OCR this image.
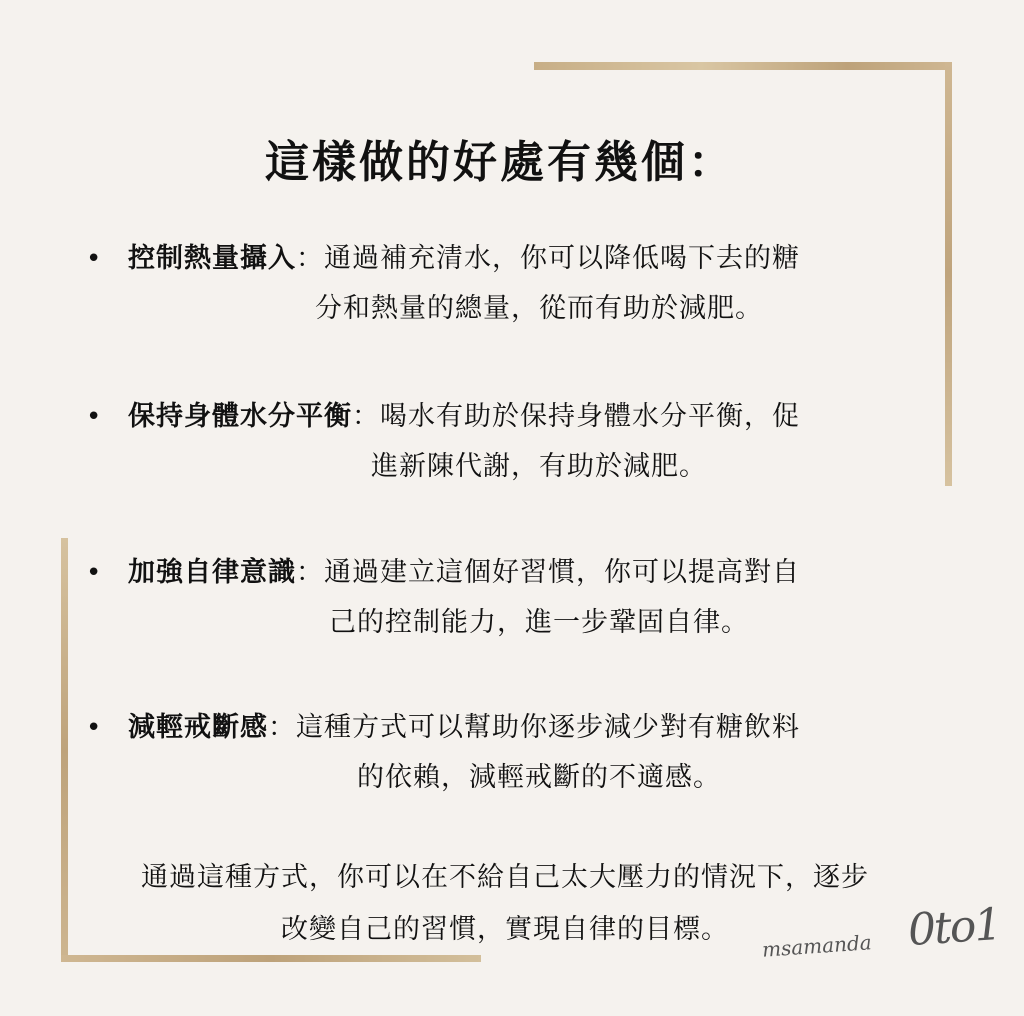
這樣做的好處有幾個：
• 控制熱量攝入：通過補充清水，你可以降低喝下去的糖
分和熱量的總量，從而有助於減肥。
• 保持身體水分平衡：喝水有助於保持身體水分平衡，促
進新陳代謝，有助於減肥。
• 加強自律意識：通過建立這個好習慣，你可以提高對自
己的控制能力，進一步鞏固自律。
• 減輕戒斷感：這種方式可以幫助你逐步減少對有糖飲料
的依賴，減輕戒斷的不適感。
通過這種方式，你可以在不給自己太大壓力的情況下，逐步
改變自己的習慣，實現自律的目標。
msamanda 0to1
